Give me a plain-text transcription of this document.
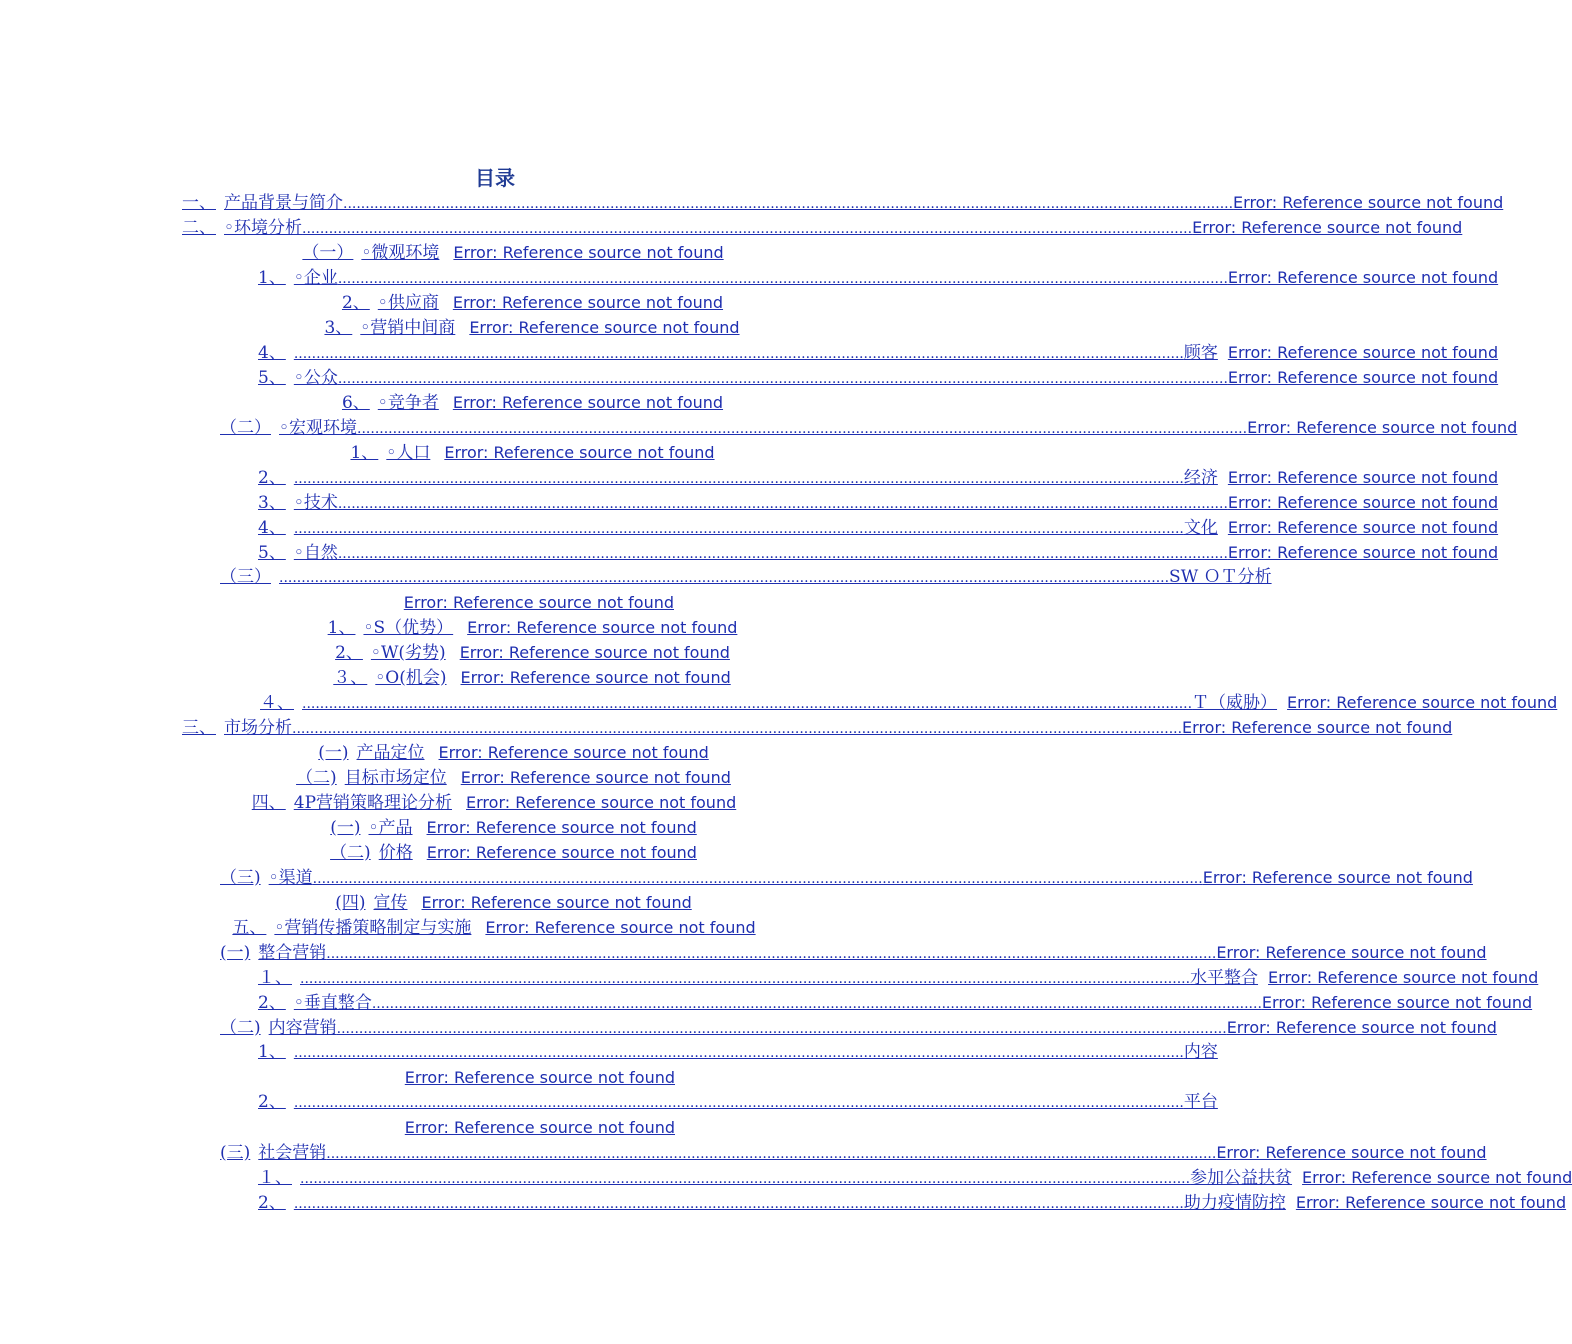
目录
一、 产品背景与简介 ........................................................................................................................................................................................................ Error: Reference source not found
二、 ◦环境分析 ........................................................................................................................................................................................................ Error: Reference source not found
（一） ◦微观环境 Error: Reference source not found
1、 ◦企业 ........................................................................................................................................................................................................ Error: Reference source not found
2、 ◦供应商 Error: Reference source not found
3、 ◦营销中间商 Error: Reference source not found
4、 ........................................................................................................................................................................................................ 顾客 Error: Reference source not found
5、 ◦公众 ........................................................................................................................................................................................................ Error: Reference source not found
6、 ◦竞争者 Error: Reference source not found
（二） ◦宏观环境 ........................................................................................................................................................................................................ Error: Reference source not found
1、 ◦人口 Error: Reference source not found
2、 ........................................................................................................................................................................................................ 经济 Error: Reference source not found
3、 ◦技术 ........................................................................................................................................................................................................ Error: Reference source not found
4、 ........................................................................................................................................................................................................ 文化 Error: Reference source not found
5、 ◦自然 ........................................................................................................................................................................................................ Error: Reference source not found
（三） ........................................................................................................................................................................................................ SW ＯＴ分析
Error: Reference source not found
1、 ◦S（优势） Error: Reference source not found
2、 ◦W(劣势) Error: Reference source not found
３、 ◦O(机会) Error: Reference source not found
４、 ........................................................................................................................................................................................................ Ｔ（威胁） Error: Reference source not found
三、 市场分析 ........................................................................................................................................................................................................ Error: Reference source not found
(一) 产品定位 Error: Reference source not found
（二) 目标市场定位 Error: Reference source not found
四、 4P营销策略理论分析 Error: Reference source not found
(一) ◦产品 Error: Reference source not found
（二) 价格 Error: Reference source not found
（三) ◦渠道 ........................................................................................................................................................................................................ Error: Reference source not found
(四) 宣传 Error: Reference source not found
五、 ◦营销传播策略制定与实施 Error: Reference source not found
(一) 整合营销 ........................................................................................................................................................................................................ Error: Reference source not found
１、 ........................................................................................................................................................................................................ 水平整合 Error: Reference source not found
2、 ◦垂直整合 ........................................................................................................................................................................................................ Error: Reference source not found
（二) 内容营销 ........................................................................................................................................................................................................ Error: Reference source not found
1、 ........................................................................................................................................................................................................ 内容
Error: Reference source not found
2、 ........................................................................................................................................................................................................ 平台
Error: Reference source not found
(三) 社会营销 ........................................................................................................................................................................................................ Error: Reference source not found
１、 ........................................................................................................................................................................................................ 参加公益扶贫 Error: Reference source not found
2、 ........................................................................................................................................................................................................ 助力疫情防控 Error: Reference source not found
